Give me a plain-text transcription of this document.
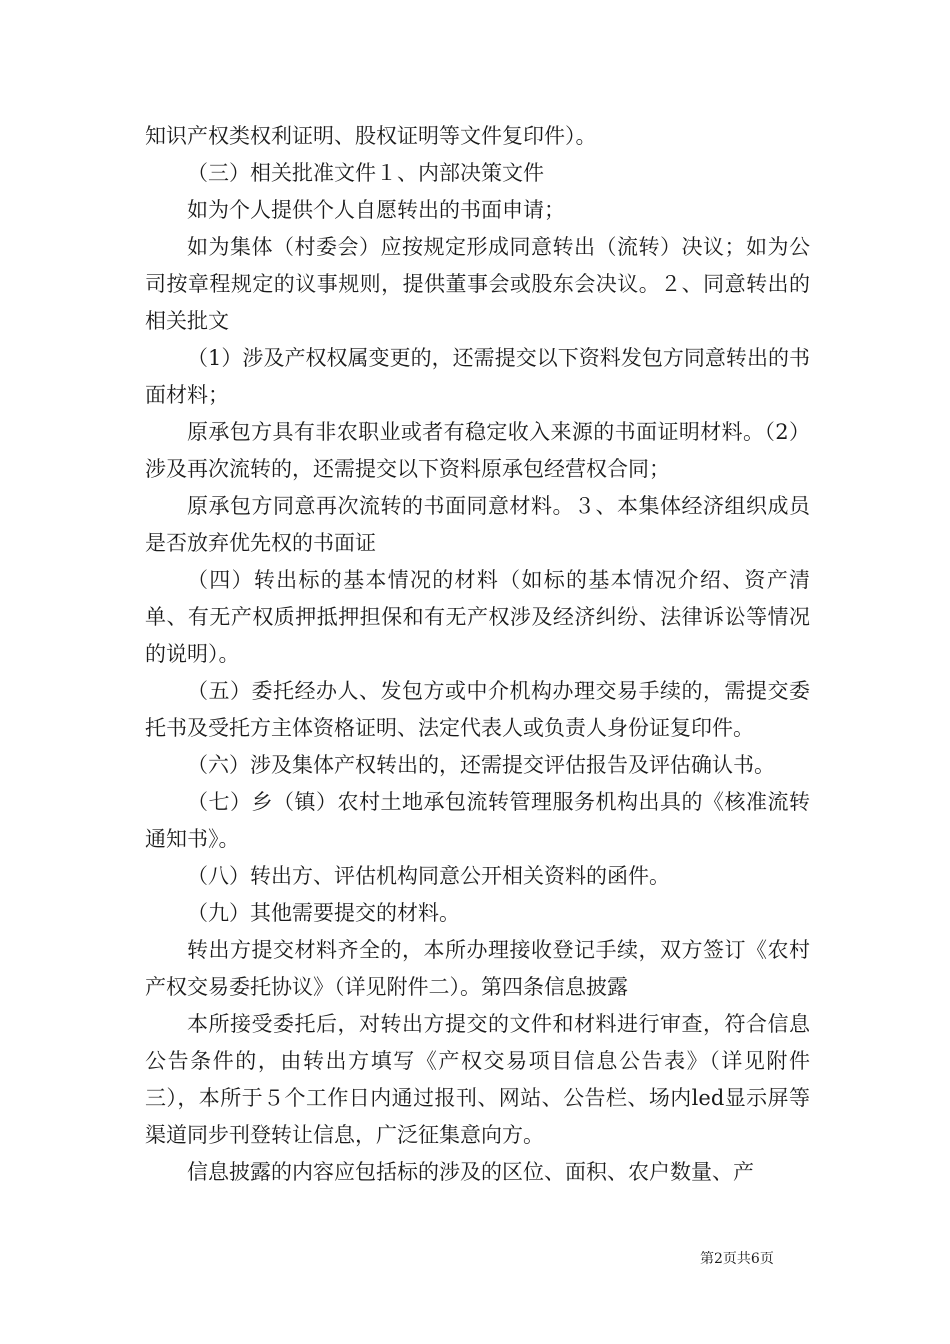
知识产权类权利证明、股权证明等文件复印件）。

（三）相关批准文件１、内部决策文件

如为个人提供个人自愿转出的书面申请；

如为集体（村委会）应按规定形成同意转出（流转）决议；如为公司按章程规定的议事规则，提供董事会或股东会决议。２、同意转出的相关批文

（1）涉及产权权属变更的，还需提交以下资料发包方同意转出的书面材料；

原承包方具有非农职业或者有稳定收入来源的书面证明材料。（2）涉及再次流转的，还需提交以下资料原承包经营权合同；

原承包方同意再次流转的书面同意材料。３、本集体经济组织成员是否放弃优先权的书面证

（四）转出标的基本情况的材料（如标的基本情况介绍、资产清单、有无产权质押抵押担保和有无产权涉及经济纠纷、法律诉讼等情况的说明）。

（五）委托经办人、发包方或中介机构办理交易手续的，需提交委托书及受托方主体资格证明、法定代表人或负责人身份证复印件。

（六）涉及集体产权转出的，还需提交评估报告及评估确认书。

（七）乡（镇）农村土地承包流转管理服务机构出具的《核准流转通知书》。

（八）转出方、评估机构同意公开相关资料的函件。

（九）其他需要提交的材料。

转出方提交材料齐全的，本所办理接收登记手续，双方签订《农村产权交易委托协议》（详见附件二）。第四条信息披露

本所接受委托后，对转出方提交的文件和材料进行审查，符合信息公告条件的，由转出方填写《产权交易项目信息公告表》（详见附件三），本所于５个工作日内通过报刊、网站、公告栏、场内led显示屏等渠道同步刊登转让信息，广泛征集意向方。

信息披露的内容应包括标的涉及的区位、面积、农户数量、产

第2页共6页
